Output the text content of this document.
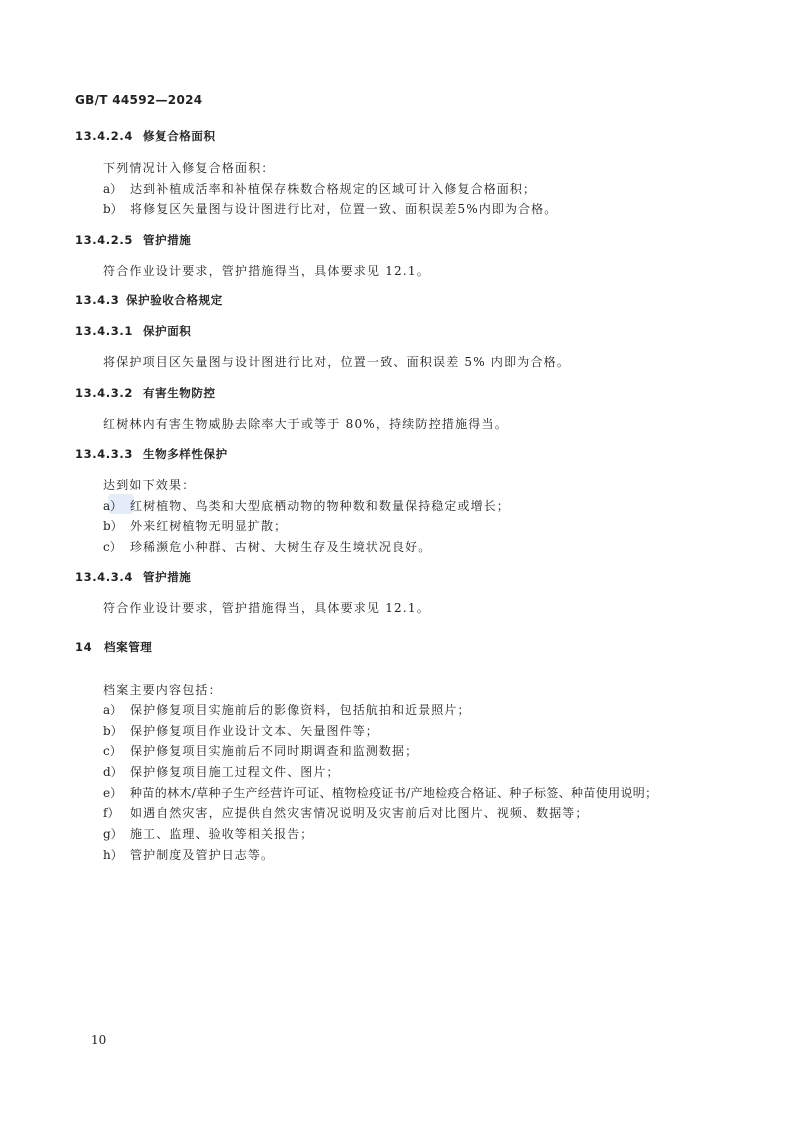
GB/T 44592—2024
13.4.2.4 修复合格面积
下列情况计入修复合格面积：
a） 达到补植成活率和补植保存株数合格规定的区域可计入修复合格面积；
b） 将修复区矢量图与设计图进行比对，位置一致、面积误差5%内即为合格。
13.4.2.5 管护措施
符合作业设计要求，管护措施得当，具体要求见 12.1。
13.4.3 保护验收合格规定
13.4.3.1 保护面积
将保护项目区矢量图与设计图进行比对，位置一致、面积误差 5% 内即为合格。
13.4.3.2 有害生物防控
红树林内有害生物威胁去除率大于或等于 80%，持续防控措施得当。
13.4.3.3 生物多样性保护
达到如下效果：
a） 红树植物、鸟类和大型底栖动物的物种数和数量保持稳定或增长；
b） 外来红树植物无明显扩散；
c） 珍稀濒危小种群、古树、大树生存及生境状况良好。
13.4.3.4 管护措施
符合作业设计要求，管护措施得当，具体要求见 12.1。
14 档案管理
档案主要内容包括：
a） 保护修复项目实施前后的影像资料，包括航拍和近景照片；
b） 保护修复项目作业设计文本、矢量图件等；
c） 保护修复项目实施前后不同时期调查和监测数据；
d） 保护修复项目施工过程文件、图片；
e） 种苗的林木/草种子生产经营许可证、植物检疫证书/产地检疫合格证、种子标签、种苗使用说明；
f） 如遇自然灾害，应提供自然灾害情况说明及灾害前后对比图片、视频、数据等；
g） 施工、监理、验收等相关报告；
h） 管护制度及管护日志等。
10
